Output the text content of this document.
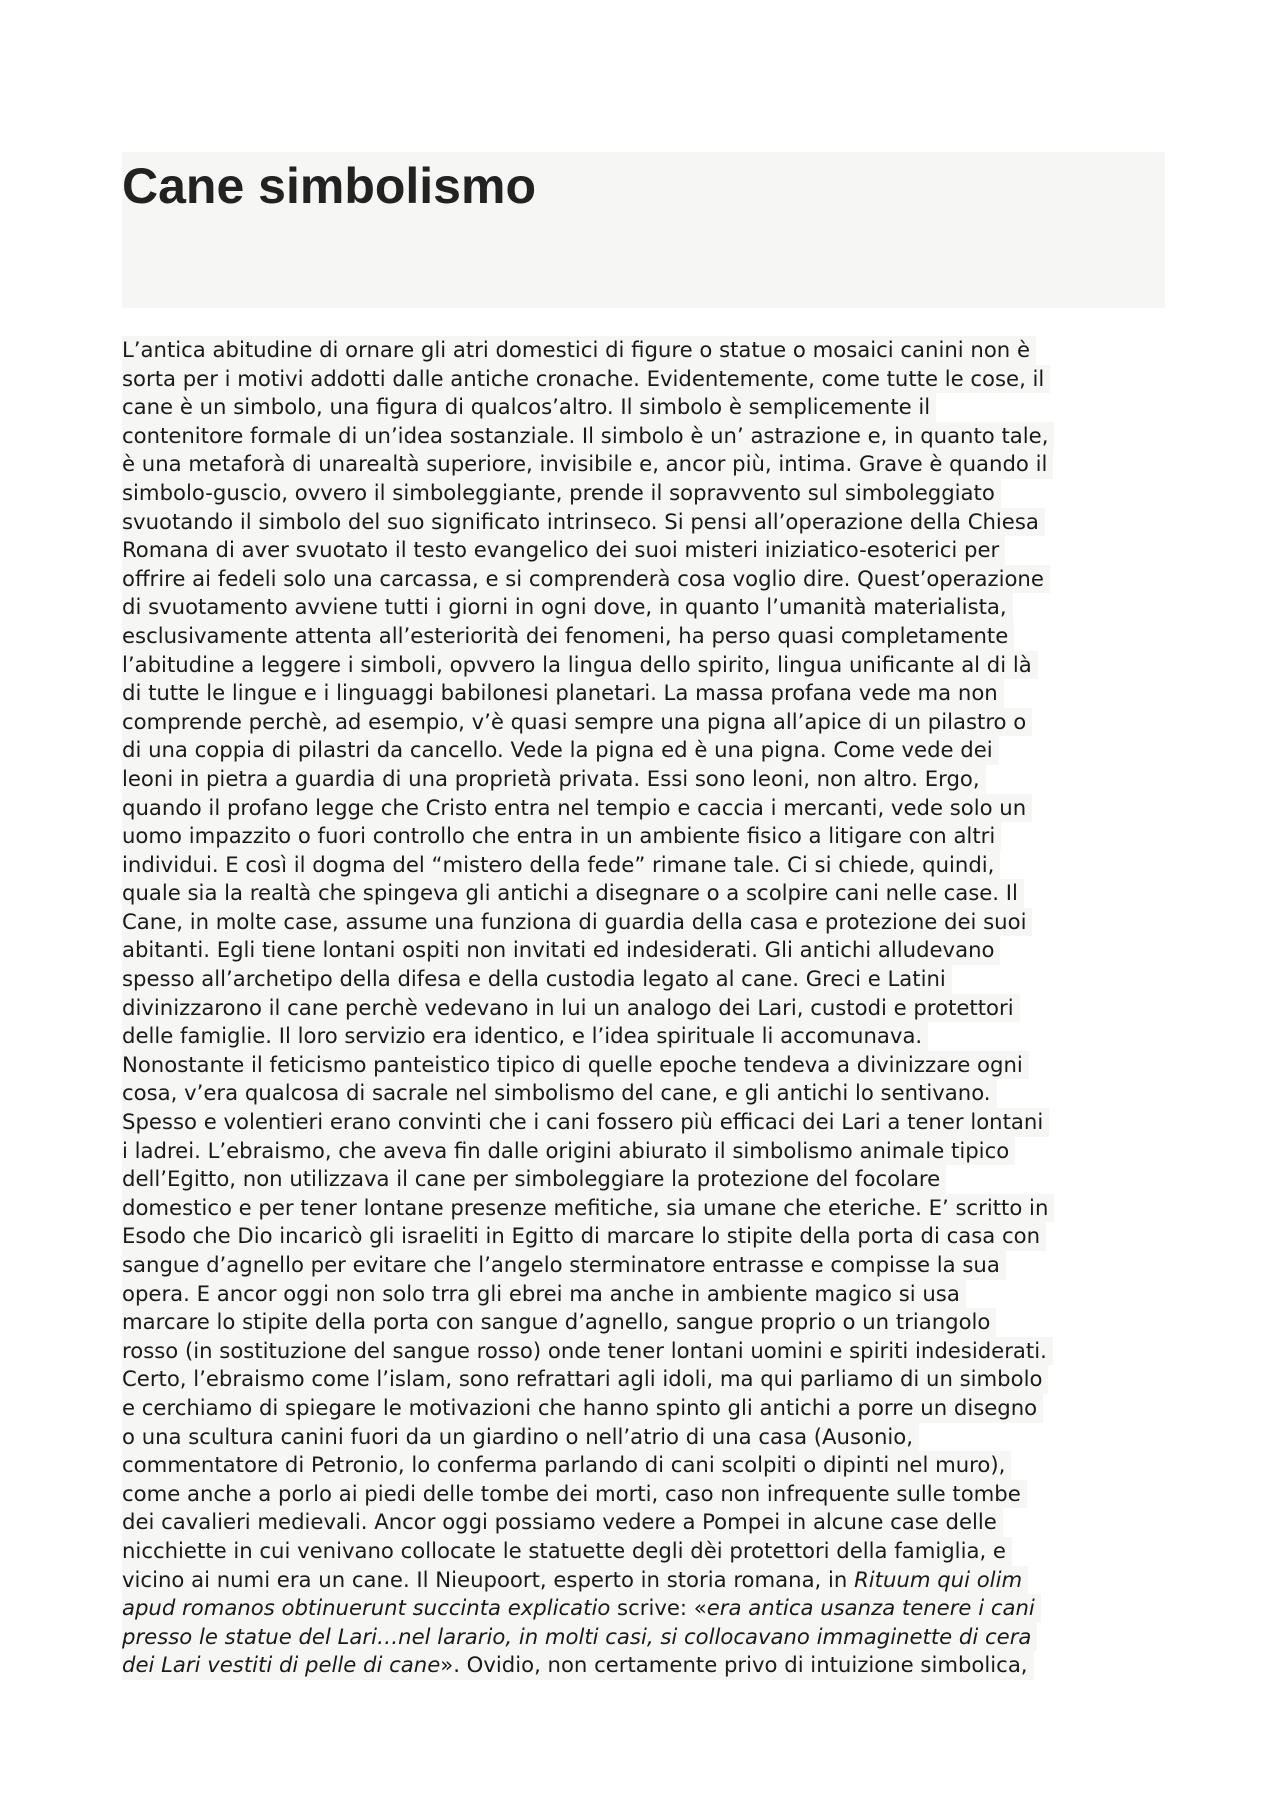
Cane simbolismo
L’antica abitudine di ornare gli atri domestici di figure o statue o mosaici canini non è
sorta per i motivi addotti dalle antiche cronache. Evidentemente, come tutte le cose, il
cane è un simbolo, una figura di qualcos’altro. Il simbolo è semplicemente il
contenitore formale di un’idea sostanziale. Il simbolo è un’ astrazione e, in quanto tale,
è una metaforà di unarealtà superiore, invisibile e, ancor più, intima. Grave è quando il
simbolo-guscio, ovvero il simboleggiante, prende il sopravvento sul simboleggiato
svuotando il simbolo del suo significato intrinseco. Si pensi all’operazione della Chiesa
Romana di aver svuotato il testo evangelico dei suoi misteri iniziatico-esoterici per
offrire ai fedeli solo una carcassa, e si comprenderà cosa voglio dire. Quest’operazione
di svuotamento avviene tutti i giorni in ogni dove, in quanto l’umanità materialista,
esclusivamente attenta all’esteriorità dei fenomeni, ha perso quasi completamente
l’abitudine a leggere i simboli, opvvero la lingua dello spirito, lingua unificante al di là
di tutte le lingue e i linguaggi babilonesi planetari. La massa profana vede ma non
comprende perchè, ad esempio, v’è quasi sempre una pigna all’apice di un pilastro o
di una coppia di pilastri da cancello. Vede la pigna ed è una pigna. Come vede dei
leoni in pietra a guardia di una proprietà privata. Essi sono leoni, non altro. Ergo,
quando il profano legge che Cristo entra nel tempio e caccia i mercanti, vede solo un
uomo impazzito o fuori controllo che entra in un ambiente fisico a litigare con altri
individui. E così il dogma del “mistero della fede” rimane tale. Ci si chiede, quindi,
quale sia la realtà che spingeva gli antichi a disegnare o a scolpire cani nelle case. Il
Cane, in molte case, assume una funziona di guardia della casa e protezione dei suoi
abitanti. Egli tiene lontani ospiti non invitati ed indesiderati. Gli antichi alludevano
spesso all’archetipo della difesa e della custodia legato al cane. Greci e Latini
divinizzarono il cane perchè vedevano in lui un analogo dei Lari, custodi e protettori
delle famiglie. Il loro servizio era identico, e l’idea spirituale li accomunava.
Nonostante il feticismo panteistico tipico di quelle epoche tendeva a divinizzare ogni
cosa, v’era qualcosa di sacrale nel simbolismo del cane, e gli antichi lo sentivano.
Spesso e volentieri erano convinti che i cani fossero più efficaci dei Lari a tener lontani
i ladrei. L’ebraismo, che aveva fin dalle origini abiurato il simbolismo animale tipico
dell’Egitto, non utilizzava il cane per simboleggiare la protezione del focolare
domestico e per tener lontane presenze mefitiche, sia umane che eteriche. E’ scritto in
Esodo che Dio incaricò gli israeliti in Egitto di marcare lo stipite della porta di casa con
sangue d’agnello per evitare che l’angelo sterminatore entrasse e compisse la sua
opera. E ancor oggi non solo trra gli ebrei ma anche in ambiente magico si usa
marcare lo stipite della porta con sangue d’agnello, sangue proprio o un triangolo
rosso (in sostituzione del sangue rosso) onde tener lontani uomini e spiriti indesiderati.
Certo, l’ebraismo come l’islam, sono refrattari agli idoli, ma qui parliamo di un simbolo
e cerchiamo di spiegare le motivazioni che hanno spinto gli antichi a porre un disegno
o una scultura canini fuori da un giardino o nell’atrio di una casa (Ausonio,
commentatore di Petronio, lo conferma parlando di cani scolpiti o dipinti nel muro),
come anche a porlo ai piedi delle tombe dei morti, caso non infrequente sulle tombe
dei cavalieri medievali. Ancor oggi possiamo vedere a Pompei in alcune case delle
nicchiette in cui venivano collocate le statuette degli dèi protettori della famiglia, e
vicino ai numi era un cane. Il Nieupoort, esperto in storia romana, in Rituum qui olim
apud romanos obtinuerunt succinta explicatio scrive: «era antica usanza tenere i cani
presso le statue del Lari…nel larario, in molti casi, si collocavano immaginette di cera
dei Lari vestiti di pelle di cane». Ovidio, non certamente privo di intuizione simbolica,
